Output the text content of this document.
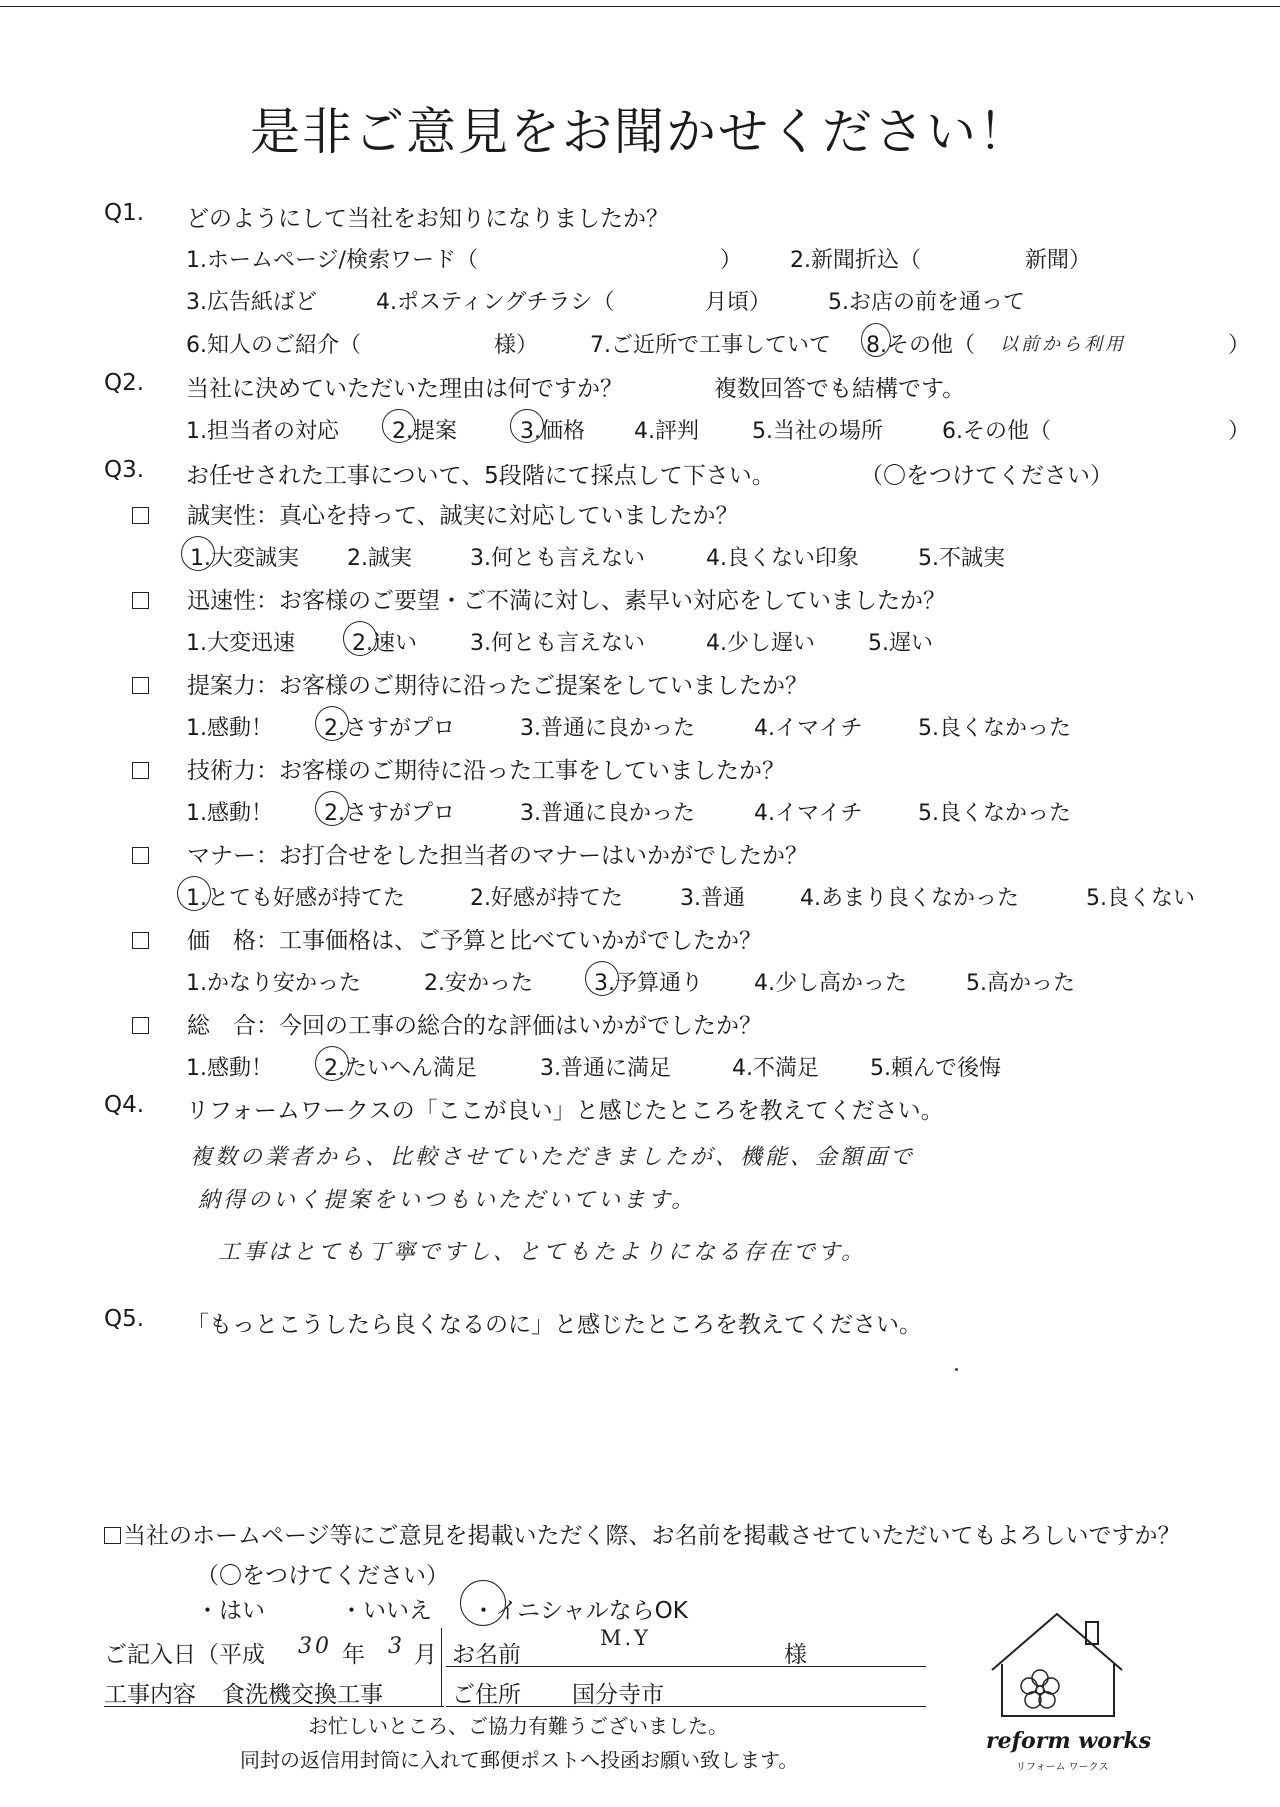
是非ご意見をお聞かせください！
Q1. どのようにして当社をお知りになりましたか？
1.ホームページ/検索ワード（	） 2.新聞折込（	新聞）
3.広告紙ばど	4.ポスティングチラシ（	月頃）	5.お店の前を通って
6.知人のご紹介（	様） 7.ご近所で工事していて 8.その他（ 以前から利用	）
Q2. 当社に決めていただいた理由は何ですか？	複数回答でも結構です。
1.担当者の対応 2.提案	3.価格 4.評判 5.当社の場所	6.その他（	）
Q3. お任せされた工事について、5段階にて採点して下さい。	（〇をつけてください）
誠実性：真心を持って、誠実に対応していましたか？
1.大変誠実 2.誠実	3.何とも言えない	4.良くない印象	5.不誠実
迅速性：お客様のご要望・ご不満に対し、素早い対応をしていましたか？
1.大変迅速	2.速い 3.何とも言えない	4.少し遅い 5.遅い
提案力：お客様のご期待に沿ったご提案をしていましたか？
1.感動！ 2.さすがプロ	3.普通に良かった	4.イマイチ	5.良くなかった
技術力：お客様のご期待に沿った工事をしていましたか？
1.感動！ 2.さすがプロ	3.普通に良かった	4.イマイチ	5.良くなかった
マナー：お打合せをした担当者のマナーはいかがでしたか？
1.とても好感が持てた	2.好感が持てた	3.普通	4.あまり良くなかった	5.良くない
価　格：工事価格は、ご予算と比べていかがでしたか？
1.かなり安かった	2.安かった	3.予算通り 4.少し高かった	5.高かった
総　合：今回の工事の総合的な評価はいかがでしたか？
1.感動！ 2.たいへん満足	3.普通に満足	4.不満足 5.頼んで後悔
Q4. リフォームワークスの「ここが良い」と感じたところを教えてください。
複数の業者から、比較させていただきましたが、機能、金額面で
納得のいく提案をいつもいただいています。
工事はとても丁寧ですし、とてもたよりになる存在です。
Q5. 「もっとこうしたら良くなるのに」と感じたところを教えてください。
当社のホームページ等にご意見を掲載いただく際、お名前を掲載させていただいてもよろしいですか？
（〇をつけてください）
・はい	・いいえ ・イニシャルならOK
ご記入日（平成 30 年 3 月 お名前
M.Y
様
工事内容 食洗機交換工事	ご住所 国分寺市
お忙しいところ、ご協力有難うございました。
同封の返信用封筒に入れて郵便ポストへ投函お願い致します。
reform works
リフォーム ワークス
